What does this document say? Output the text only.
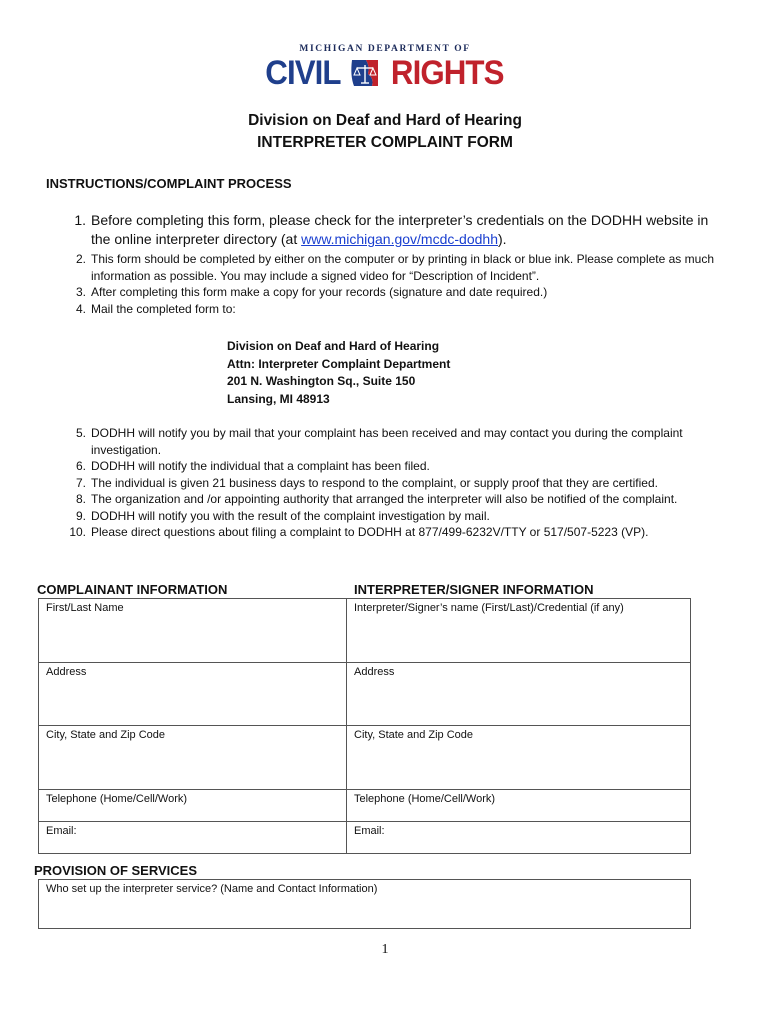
MICHIGAN DEPARTMENT OF
CIVIL RIGHTS
Division on Deaf and Hard of Hearing
INTERPRETER COMPLAINT FORM
INSTRUCTIONS/COMPLAINT PROCESS
1. Before completing this form, please check for the interpreter’s credentials on the DODHH website in the online interpreter directory (at www.michigan.gov/mcdc-dodhh).
2. This form should be completed by either on the computer or by printing in black or blue ink. Please complete as much information as possible. You may include a signed video for “Description of Incident”.
3. After completing this form make a copy for your records (signature and date required.)
4. Mail the completed form to:
Division on Deaf and Hard of Hearing
Attn: Interpreter Complaint Department
201 N. Washington Sq., Suite 150
Lansing, MI 48913
5. DODHH will notify you by mail that your complaint has been received and may contact you during the complaint investigation.
6. DODHH will notify the individual that a complaint has been filed.
7. The individual is given 21 business days to respond to the complaint, or supply proof that they are certified.
8. The organization and /or appointing authority that arranged the interpreter will also be notified of the complaint.
9. DODHH will notify you with the result of the complaint investigation by mail.
10. Please direct questions about filing a complaint to DODHH at 877/499-6232V/TTY or 517/507-5223 (VP).
COMPLAINANT INFORMATION	INTERPRETER/SIGNER INFORMATION
First/Last Name	Interpreter/Signer’s name (First/Last)/Credential (if any)

Address	Address

City, State and Zip Code	City, State and Zip Code

Telephone (Home/Cell/Work)	Telephone (Home/Cell/Work)

Email:	Email:
PROVISION OF SERVICES
Who set up the interpreter service? (Name and Contact Information)
1
